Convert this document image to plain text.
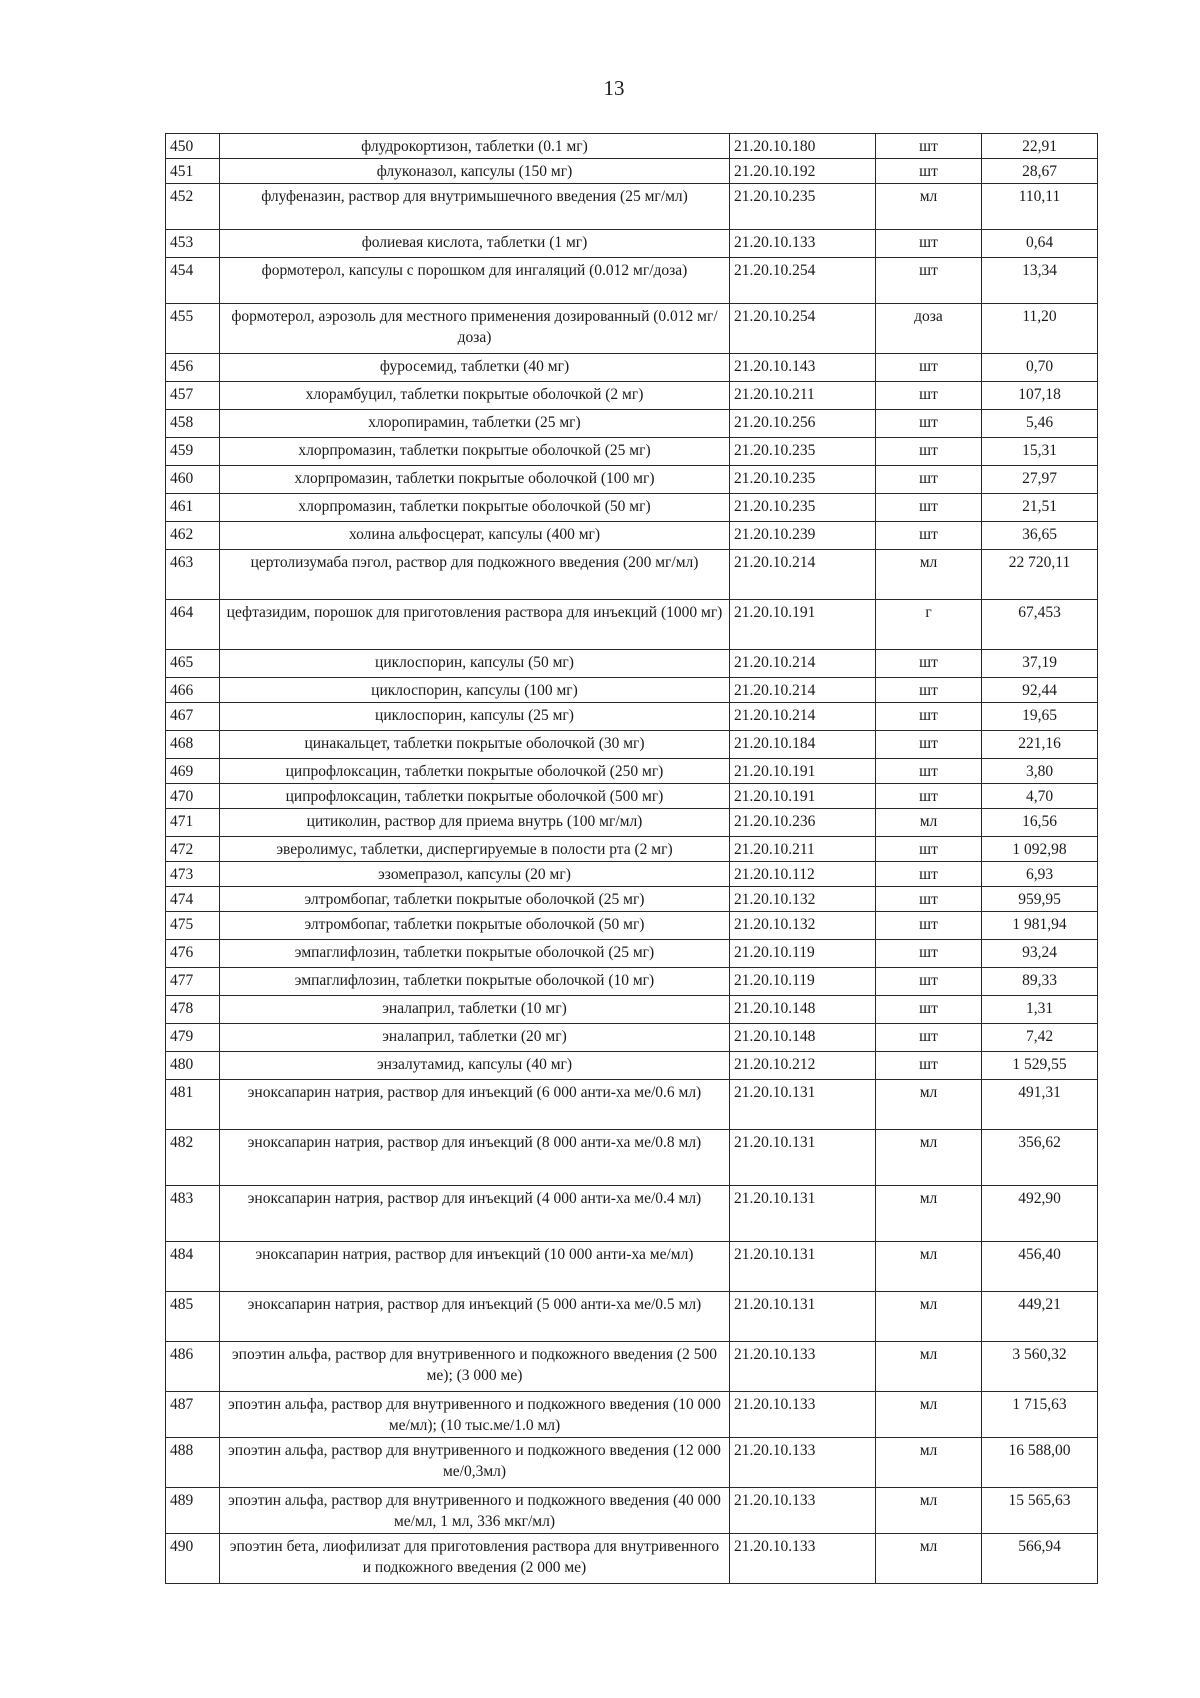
13
450	флудрокортизон, таблетки (0.1 мг)	21.20.10.180	шт	22,91
451	флуконазол, капсулы (150 мг)	21.20.10.192	шт	28,67
452	флуфеназин, раствор для внутримышечного введения (25 мг/мл)	21.20.10.235	мл	110,11
453	фолиевая кислота, таблетки (1 мг)	21.20.10.133	шт	0,64
454	формотерол, капсулы с порошком для ингаляций (0.012 мг/доза)	21.20.10.254	шт	13,34
455	формотерол, аэрозоль для местного применения дозированный (0.012 мг/доза)	21.20.10.254	доза	11,20
456	фуросемид, таблетки (40 мг)	21.20.10.143	шт	0,70
457	хлорамбуцил, таблетки покрытые оболочкой (2 мг)	21.20.10.211	шт	107,18
458	хлоропирамин, таблетки (25 мг)	21.20.10.256	шт	5,46
459	хлорпромазин, таблетки покрытые оболочкой (25 мг)	21.20.10.235	шт	15,31
460	хлорпромазин, таблетки покрытые оболочкой (100 мг)	21.20.10.235	шт	27,97
461	хлорпромазин, таблетки покрытые оболочкой (50 мг)	21.20.10.235	шт	21,51
462	холина альфосцерат, капсулы (400 мг)	21.20.10.239	шт	36,65
463	цертолизумаба пэгол, раствор для подкожного введения (200 мг/мл)	21.20.10.214	мл	22 720,11
464	цефтазидим, порошок для приготовления раствора для инъекций (1000 мг)	21.20.10.191	г	67,453
465	циклоспорин, капсулы (50 мг)	21.20.10.214	шт	37,19
466	циклоспорин, капсулы (100 мг)	21.20.10.214	шт	92,44
467	циклоспорин, капсулы (25 мг)	21.20.10.214	шт	19,65
468	цинакальцет, таблетки покрытые оболочкой (30 мг)	21.20.10.184	шт	221,16
469	ципрофлоксацин, таблетки покрытые оболочкой (250 мг)	21.20.10.191	шт	3,80
470	ципрофлоксацин, таблетки покрытые оболочкой (500 мг)	21.20.10.191	шт	4,70
471	цитиколин, раствор для приема внутрь (100 мг/мл)	21.20.10.236	мл	16,56
472	эверолимус, таблетки, диспергируемые в полости рта (2 мг)	21.20.10.211	шт	1 092,98
473	эзомепразол, капсулы (20 мг)	21.20.10.112	шт	6,93
474	элтромбопаг, таблетки покрытые оболочкой (25 мг)	21.20.10.132	шт	959,95
475	элтромбопаг, таблетки покрытые оболочкой (50 мг)	21.20.10.132	шт	1 981,94
476	эмпаглифлозин, таблетки покрытые оболочкой (25 мг)	21.20.10.119	шт	93,24
477	эмпаглифлозин, таблетки покрытые оболочкой (10 мг)	21.20.10.119	шт	89,33
478	эналаприл, таблетки (10 мг)	21.20.10.148	шт	1,31
479	эналаприл, таблетки (20 мг)	21.20.10.148	шт	7,42
480	энзалутамид, капсулы (40 мг)	21.20.10.212	шт	1 529,55
481	эноксапарин натрия, раствор для инъекций (6 000 анти-ха ме/0.6 мл)	21.20.10.131	мл	491,31
482	эноксапарин натрия, раствор для инъекций (8 000 анти-ха ме/0.8 мл)	21.20.10.131	мл	356,62
483	эноксапарин натрия, раствор для инъекций (4 000 анти-ха ме/0.4 мл)	21.20.10.131	мл	492,90
484	эноксапарин натрия, раствор для инъекций (10 000 анти-ха ме/мл)	21.20.10.131	мл	456,40
485	эноксапарин натрия, раствор для инъекций (5 000 анти-ха ме/0.5 мл)	21.20.10.131	мл	449,21
486	эпоэтин альфа, раствор для внутривенного и подкожного введения (2 500 ме); (3 000 ме)	21.20.10.133	мл	3 560,32
487	эпоэтин альфа, раствор для внутривенного и подкожного введения (10 000 ме/мл); (10 тыс.ме/1.0 мл)	21.20.10.133	мл	1 715,63
488	эпоэтин альфа, раствор для внутривенного и подкожного введения (12 000 ме/0,3мл)	21.20.10.133	мл	16 588,00
489	эпоэтин альфа, раствор для внутривенного и подкожного введения (40 000 ме/мл, 1 мл, 336 мкг/мл)	21.20.10.133	мл	15 565,63
490	эпоэтин бета, лиофилизат для приготовления раствора для внутривенного и подкожного введения (2 000 ме)	21.20.10.133	мл	566,94
